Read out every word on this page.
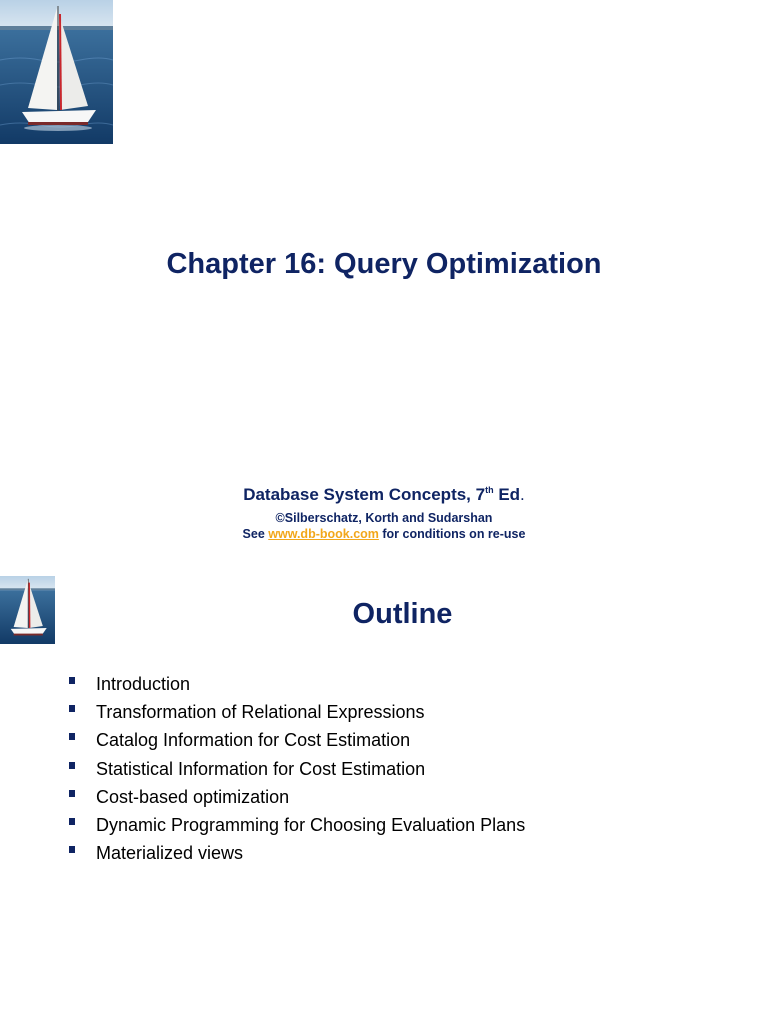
Chapter 16: Query Optimization
Database System Concepts, 7th Ed.
©Silberschatz, Korth and Sudarshan
See www.db-book.com for conditions on re-use
Outline
Introduction
Transformation of Relational Expressions
Catalog Information for Cost Estimation
Statistical Information for Cost Estimation
Cost-based optimization
Dynamic Programming for Choosing Evaluation Plans
Materialized views
